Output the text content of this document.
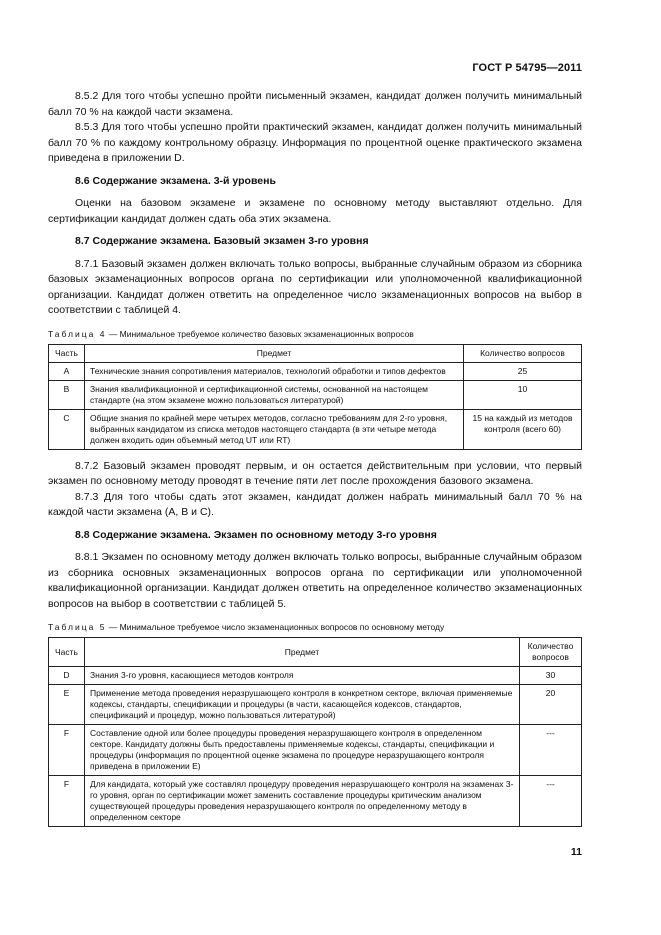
ГОСТ Р 54795—2011

8.5.2 Для того чтобы успешно пройти письменный экзамен, кандидат должен получить минимальный балл 70 % на каждой части экзамена.

8.5.3 Для того чтобы успешно пройти практический экзамен, кандидат должен получить минимальный балл 70 % по каждому контрольному образцу. Информация по процентной оценке практического экзамена приведена в приложении D.

8.6 Содержание экзамена. 3-й уровень

Оценки на базовом экзамене и экзамене по основному методу выставляют отдельно. Для сертификации кандидат должен сдать оба этих экзамена.

8.7 Содержание экзамена. Базовый экзамен 3-го уровня

8.7.1 Базовый экзамен должен включать только вопросы, выбранные случайным образом из сборника базовых экзаменационных вопросов органа по сертификации или уполномоченной квалификационной организации. Кандидат должен ответить на определенное число экзаменационных вопросов на выбор в соответствии с таблицей 4.

Таблица 4 — Минимальное требуемое количество базовых экзаменационных вопросов

Часть	Предмет	Количество вопросов
А	Технические знания сопротивления материалов, технологий обработки и типов дефектов	25
В	Знания квалификационной и сертификационной системы, основанной на настоящем стандарте (на этом экзамене можно пользоваться литературой)	10
С	Общие знания по крайней мере четырех методов, согласно требованиям для 2-го уровня, выбранных кандидатом из списка методов настоящего стандарта (в эти четыре метода должен входить один объемный метод UT или RT)	15 на каждый из методов контроля (всего 60)

8.7.2 Базовый экзамен проводят первым, и он остается действительным при условии, что первый экзамен по основному методу проводят в течение пяти лет после прохождения базового экзамена.

8.7.3 Для того чтобы сдать этот экзамен, кандидат должен набрать минимальный балл 70 % на каждой части экзамена (А, В и С).

8.8 Содержание экзамена. Экзамен по основному методу 3-го уровня

8.8.1 Экзамен по основному методу должен включать только вопросы, выбранные случайным образом из сборника основных экзаменационных вопросов органа по сертификации или уполномоченной квалификационной организации. Кандидат должен ответить на определенное количество экзаменационных вопросов на выбор в соответствии с таблицей 5.

Таблица 5 — Минимальное требуемое число экзаменационных вопросов по основному методу

Часть	Предмет	Количество вопросов
D	Знания 3-го уровня, касающиеся методов контроля	30
E	Применение метода проведения неразрушающего контроля в конкретном секторе, включая применяемые кодексы, стандарты, спецификации и процедуры (в части, касающейся кодексов, стандартов, спецификаций и процедур, можно пользоваться литературой)	20
F	Составление одной или более процедуры проведения неразрушающего контроля в определенном секторе. Кандидату должны быть предоставлены применяемые кодексы, стандарты, спецификации и процедуры (информация по процентной оценке экзамена по процедуре неразрушающего контроля приведена в приложении Е)	---
F	Для кандидата, который уже составлял процедуру проведения неразрушающего контроля на экзаменах 3-го уровня, орган по сертификации может заменить составление процедуры критическим анализом существующей процедуры проведения неразрушающего контроля по определенному методу в определенном секторе	---
11
